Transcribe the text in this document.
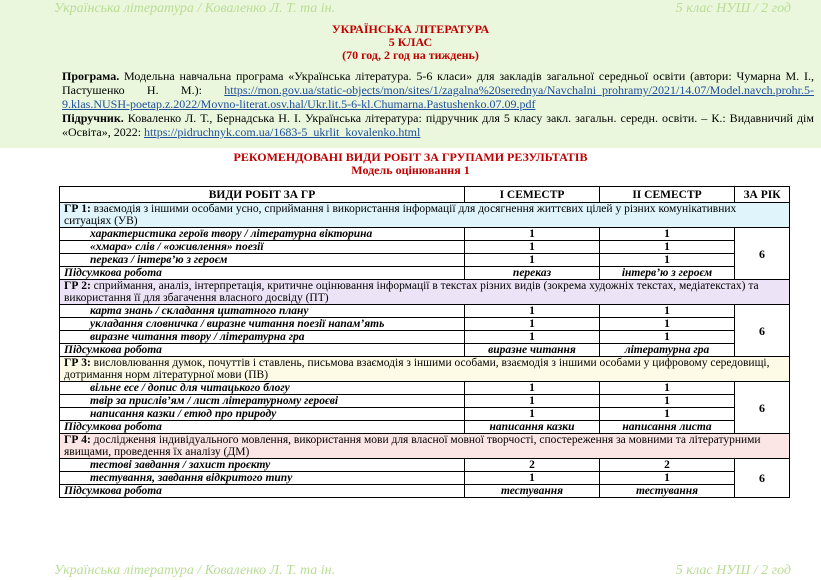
Українська література / Коваленко Л. Т. та ін.	5 клас НУШ / 2 год
УКРАЇНСЬКА ЛІТЕРАТУРА
5 КЛАС
(70 год, 2 год на тиждень)

Програма. Модельна навчальна програма «Українська література. 5-6 класи» для закладів загальної середньої освіти (автори: Чумарна М. І., Пастушенко Н. М.): https://mon.gov.ua/static-objects/mon/sites/1/zagalna%20serednya/Navchalni_prohramy/2021/14.07/Model.navch.prohr.5-9.klas.NUSH-poetap.z.2022/Movno-literat.osv.hal/Ukr.lit.5-6-kl.Chumarna.Pastushenko.07.09.pdf

Підручник. Коваленко Л. Т., Бернадська Н. І. Українська література: підручник для 5 класу закл. загальн. середн. освіти. – К.: Видавничий дім «Освіта», 2022: https://pidruchnyk.com.ua/1683-5_ukrlit_kovalenko.html

РЕКОМЕНДОВАНІ ВИДИ РОБІТ ЗА ГРУПАМИ РЕЗУЛЬТАТІВ
Модель оцінювання 1
ВИДИ РОБІТ ЗА ГР	І СЕМЕСТР	ІІ СЕМЕСТР	ЗА РІК
ГР 1: взаємодія з іншими особами усно, сприймання і використання інформації для досягнення життєвих цілей у різних комунікативних ситуаціях (УВ)			
характеристика героїв твору / літературна вікторина	1	1	6
«хмара» слів / «оживлення» поезії	1	1	
переказ / інтерв’ю з героєм	1	1	
Підсумкова робота	переказ	інтерв’ю з героєм	
ГР 2: сприймання, аналіз, інтерпретація, критичне оцінювання інформації в текстах різних видів (зокрема художніх текстах, медіатекстах) та використання її для збагачення власного досвіду (ПТ)			
карта знань / складання цитатного плану	1	1	6
укладання словничка / виразне читання поезії напам’ять	1	1	
виразне читання твору / літературна гра	1	1	
Підсумкова робота	виразне читання	літературна гра	
ГР 3: висловлювання думок, почуттів і ставлень, письмова взаємодія з іншими особами, взаємодія з іншими особами у цифровому середовищі, дотримання норм літературної мови (ПВ)			
вільне есе / допис для читацького блогу	1	1	6
твір за прислів’ям / лист літературному героєві	1	1	
написання казки / етюд про природу	1	1	
Підсумкова робота	написання казки	написання листа	
ГР 4: дослідження індивідуального мовлення, використання мови для власної мовної творчості, спостереження за мовними та літературними явищами, проведення їх аналізу (ДМ)			
тестові завдання / захист проєкту	2	2	6
тестування, завдання відкритого типу	1	1	
Підсумкова робота	тестування	тестування	
Українська література / Коваленко Л. Т. та ін.	5 клас НУШ / 2 год
